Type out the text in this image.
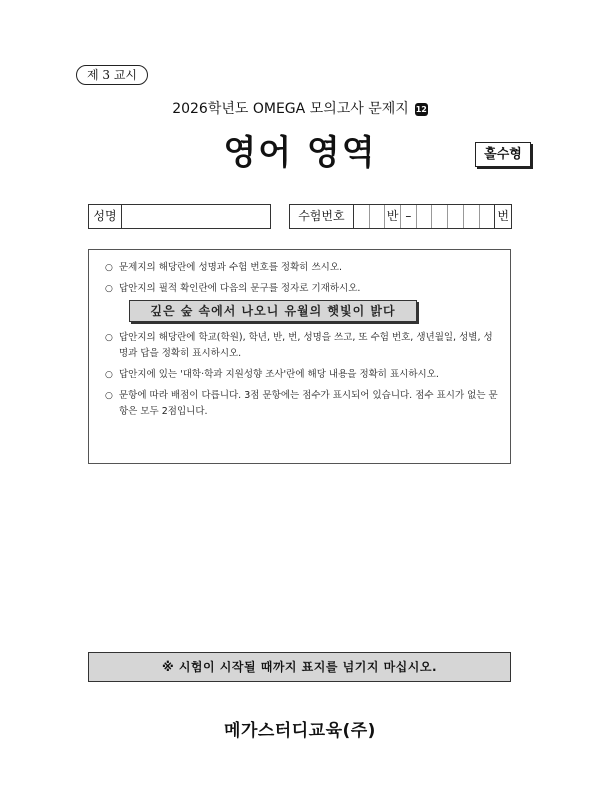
제 3 교시
2026학년도 OMEGA 모의고사 문제지 12
영어 영역	홀수형
성명	수험번호	반 –	번
○ 문제지의 해당란에 성명과 수험 번호를 정확히 쓰시오.
○ 답안지의 필적 확인란에 다음의 문구를 정자로 기재하시오.
깊은 숲 속에서 나오니 유월의 햇빛이 밝다
○ 답안지의 해당란에 학교(학원), 학년, 반, 번, 성명을 쓰고, 또 수험 번호, 생년월일, 성별, 성명과 답을 정확히 표시하시오.
○ 답안지에 있는 '대학·학과 지원성향 조사'란에 해당 내용을 정확히 표시하시오.
○ 문항에 따라 배점이 다릅니다. 3점 문항에는 점수가 표시되어 있습니다. 점수 표시가 없는 문항은 모두 2점입니다.
※ 시험이 시작될 때까지 표지를 넘기지 마십시오.
메가스터디교육(주)
